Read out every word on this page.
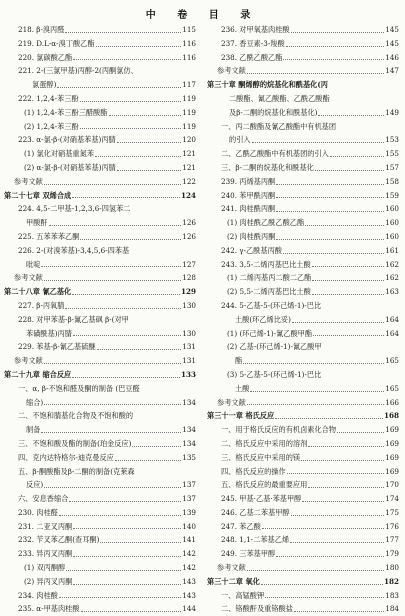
中 卷 目 录
218. β-溴丙醛	115
219. D.L-α-溴丁酸乙酯	116
220. 氯碳酸乙酯	116
221. 2-(三氯甲基)丙醇-2(丙酮氯仿、
氯蛋醇)	117
222. 1,2,4-苯三酚	119
(1) 1,2,4-苯三酚三醋酸酯	119
(2) 1,2,4-苯三酚	119
223. α-氯-β-(对硝基苯基)丙腈	120
(1) 氯化对硝基重氮苯	121
(2) α-氯-β-(对硝基苯基)丙腈	121
参考文献	122
第二十七章 双烯合成	124
224. 4,5-二甲基-1,2,3,6-四氢苯二
甲酸酐	126
225. 五苯苯苯乙酮	126
226. 2-(对溴苯基)-3,4,5,6-四苯基
吡啶	127
参考文献	128
第二十八章 氰乙基化	129
227. β-丙氧腈	130
228. 对甲苯基-β-氰乙基砜 β-(对甲
苯磺酰基)丙腈	130
229. 苯基-β-氰乙基硫醚	131
参考文献	131
第二十九章 缩合反应	133
一、α, β-不饱和醛及酮的制备 (巴豆醛
缩合)	134
二、不饱和腈基化合物及不饱和酸的
制备	134
三、不饱和酸及酯的制备(珀金反应)	134
四、克内达特格尔-迪克曼反应	135
五、β-酮酸酯及β-二酮的制备(克莱森
反应)	137
六、安息香缩合	137
230. 肉桂醛	139
231. 二亚叉丙酮	140
232. 苄叉苯乙酮(查耳酮)	141
233. 异丙叉丙酮	142
(1) 双丙酮醇	142
(2) 异丙叉丙酮	143
234. 肉桂酸	143
235. α-甲基肉桂酸	144
236. 对甲氧基肉桂酸	145
237. 香豆素-3-羧酸	145
238. 乙酰乙酸乙酯	146
参考文献	147
第三十章 酮烯醇的烷基化和酰基化(丙
二酸酯、氰乙酸酯、乙酰乙酸酯
及β-二酮的烷基化和酰基化)	149
一、丙二酸酯及氰乙酸酯中有机基团
的引入	153
二、乙酰乙酸酯中有机基团的引入	155
三、β-二酮的烷基化和酰基化	157
239. 丙烯基丙酮	158
240. 苯甲酰丙酮	159
241. 肉桂酰丙酮	160
(1) 肉桂酰乙酰乙酸乙酯	160
(2) 肉桂酰丙酮	160
242. γ-乙酰基丙酸	161
243. 3,5-二烯丙基巴比土酸	162
(1) 二烯丙基丙二酸二乙酯	162
(2) 5,5-二烯丙基巴比土酸	163
244. 5-乙基-5-(环己烯-1)-巴比
土酸(环乙烯比妥)	164
(1) (环己烯-1)-氰乙酸甲酯	164
(2) 乙基-(环己烯-1)-氰乙酸甲
酯	165
(3) 5-乙基-5-(环己烯-1)-巴比
土酸	165
参考文献	166
第三十一章 格氏反应	168
一、用于格氏反应的有机卤素化合物	169
二、格氏反应中采用的溶剂	169
三、格氏反应中采用的镁	169
四、格氏反应的操作	169
五、格氏反应的最重要应用	170
245. 甲基·乙基·苯基甲醇	174
246. 乙基二苯基甲醇	175
247. 苯乙酸	176
248. 1,1-二苯基乙烯	177
249. 三苯基甲醇	179
参考文献	180
第三十二章 氧化	182
一、高锰酸钾	183
二、铬酸酐及重铬酸盐	184
